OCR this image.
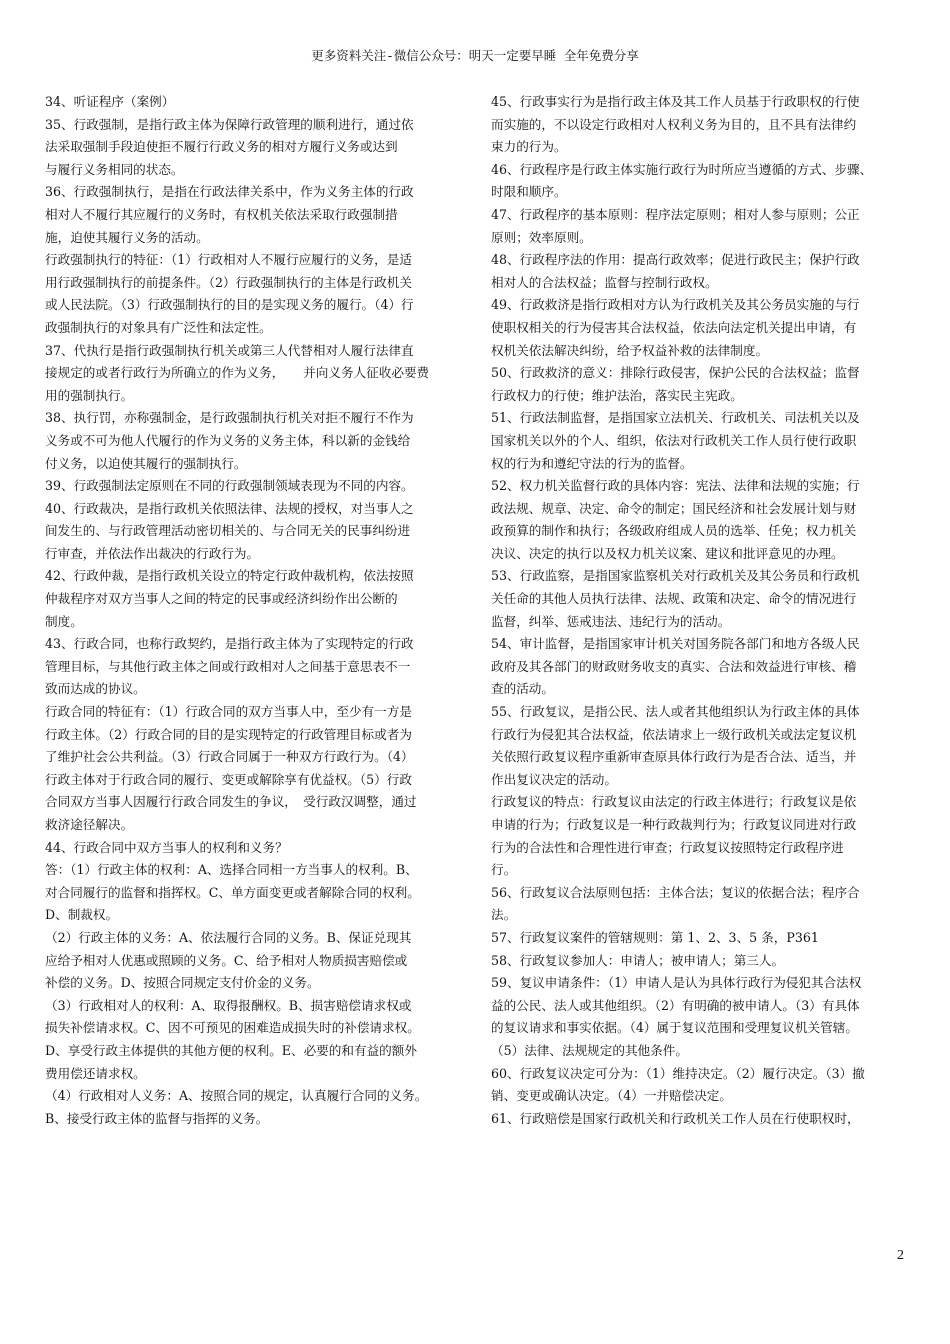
更多资料关注-微信公众号：明天一定要早睡 全年免费分享
34、听证程序（案例）
35、行政强制，是指行政主体为保障行政管理的顺利进行，通过依
法采取强制手段迫使拒不履行行政义务的相对方履行义务或达到
与履行义务相同的状态。
36、行政强制执行，是指在行政法律关系中，作为义务主体的行政
相对人不履行其应履行的义务时，有权机关依法采取行政强制措
施，迫使其履行义务的活动。
行政强制执行的特征：（1）行政相对人不履行应履行的义务，是适
用行政强制执行的前提条件。（2）行政强制执行的主体是行政机关
或人民法院。（3）行政强制执行的目的是实现义务的履行。（4）行
政强制执行的对象具有广泛性和法定性。
37、代执行是指行政强制执行机关或第三人代替相对人履行法律直
接规定的或者行政行为所确立的作为义务，　　并向义务人征收必要费
用的强制执行。
38、执行罚，亦称强制金，是行政强制执行机关对拒不履行不作为
义务或不可为他人代履行的作为义务的义务主体，科以新的金钱给
付义务，以迫使其履行的强制执行。
39、行政强制法定原则在不同的行政强制领域表现为不同的内容。
40、行政裁决，是指行政机关依照法律、法规的授权，对当事人之
间发生的、与行政管理活动密切相关的、与合同无关的民事纠纷进
行审查，并依法作出裁决的行政行为。
42、行政仲裁，是指行政机关设立的特定行政仲裁机构，依法按照
仲裁程序对双方当事人之间的特定的民事或经济纠纷作出公断的
制度。
43、行政合同，也称行政契约，是指行政主体为了实现特定的行政
管理目标，与其他行政主体之间或行政相对人之间基于意思表不一
致而达成的协议。
行政合同的特征有：（1）行政合同的双方当事人中，至少有一方是
行政主体。（2）行政合同的目的是实现特定的行政管理目标或者为
了维护社会公共利益。（3）行政合同属于一种双方行政行为。（4）
行政主体对于行政合同的履行、变更或解除享有优益权。（5）行政
合同双方当事人因履行行政合同发生的争议，　受行政汉调整，通过
救济途径解决。
44、行政合同中双方当事人的权利和义务？
答：（1）行政主体的权利：A、选择合同相一方当事人的权利。B、
对合同履行的监督和指挥权。C、单方面变更或者解除合同的权利。
D、制裁权。
（2）行政主体的义务：A、依法履行合同的义务。B、保证兑现其
应给予相对人优惠或照顾的义务。C、给予相对人物质损害赔偿或
补偿的义务。D、按照合同规定支付价金的义务。
（3）行政相对人的权利：A、取得报酬权。B、损害赔偿请求权或
损失补偿请求权。C、因不可预见的困难造成损失时的补偿请求权。
D、享受行政主体提供的其他方便的权利。E、必要的和有益的额外
费用偿还请求权。
（4）行政相对人义务：A、按照合同的规定，认真履行合同的义务。
B、接受行政主体的监督与指挥的义务。
45、行政事实行为是指行政主体及其工作人员基于行政职权的行使
而实施的，不以设定行政相对人权利义务为目的，且不具有法律约
束力的行为。
46、行政程序是行政主体实施行政行为时所应当遵循的方式、步骤、
时限和顺序。
47、行政程序的基本原则：程序法定原则；相对人参与原则；公正
原则；效率原则。
48、行政程序法的作用：提高行政效率；促进行政民主；保护行政
相对人的合法权益；监督与控制行政权。
49、行政救济是指行政相对方认为行政机关及其公务员实施的与行
使职权相关的行为侵害其合法权益，依法向法定机关提出申请，有
权机关依法解决纠纷，给予权益补救的法律制度。
50、行政救济的意义：排除行政侵害，保护公民的合法权益；监督
行政权力的行使；维护法治，落实民主宪政。
51、行政法制监督，是指国家立法机关、行政机关、司法机关以及
国家机关以外的个人、组织，依法对行政机关工作人员行使行政职
权的行为和遵纪守法的行为的监督。
52、权力机关监督行政的具体内容：宪法、法律和法规的实施；行
政法规、规章、决定、命令的制定；国民经济和社会发展计划与财
政预算的制作和执行；各级政府组成人员的选举、任免；权力机关
决议、决定的执行以及权力机关议案、建议和批评意见的办理。
53、行政监察，是指国家监察机关对行政机关及其公务员和行政机
关任命的其他人员执行法律、法规、政策和决定、命令的情况进行
监督，纠举、惩戒违法、违纪行为的活动。
54、审计监督，是指国家审计机关对国务院各部门和地方各级人民
政府及其各部门的财政财务收支的真实、合法和效益进行审核、稽
查的活动。
55、行政复议，是指公民、法人或者其他组织认为行政主体的具体
行政行为侵犯其合法权益，依法请求上一级行政机关或法定复议机
关依照行政复议程序重新审查原具体行政行为是否合法、适当，并
作出复议决定的活动。
行政复议的特点：行政复议由法定的行政主体进行；行政复议是依
申请的行为；行政复议是一种行政裁判行为；行政复议同进对行政
行为的合法性和合理性进行审查；行政复议按照特定行政程序进
行。
56、行政复议合法原则包括：主体合法；复议的依据合法；程序合
法。
57、行政复议案件的管辖规则：第 1、2、3、5 条，P361
58、行政复议参加人：申请人；被申请人；第三人。
59、复议申请条件：（1）申请人是认为具体行政行为侵犯其合法权
益的公民、法人或其他组织。（2）有明确的被申请人。（3）有具体
的复议请求和事实依据。（4）属于复议范围和受理复议机关管辖。
（5）法律、法规规定的其他条件。
60、行政复议决定可分为：（1）维持决定。（2）履行决定。（3）撤
销、变更或确认决定。（4）一并赔偿决定。
61、行政赔偿是国家行政机关和行政机关工作人员在行使职权时，
2
